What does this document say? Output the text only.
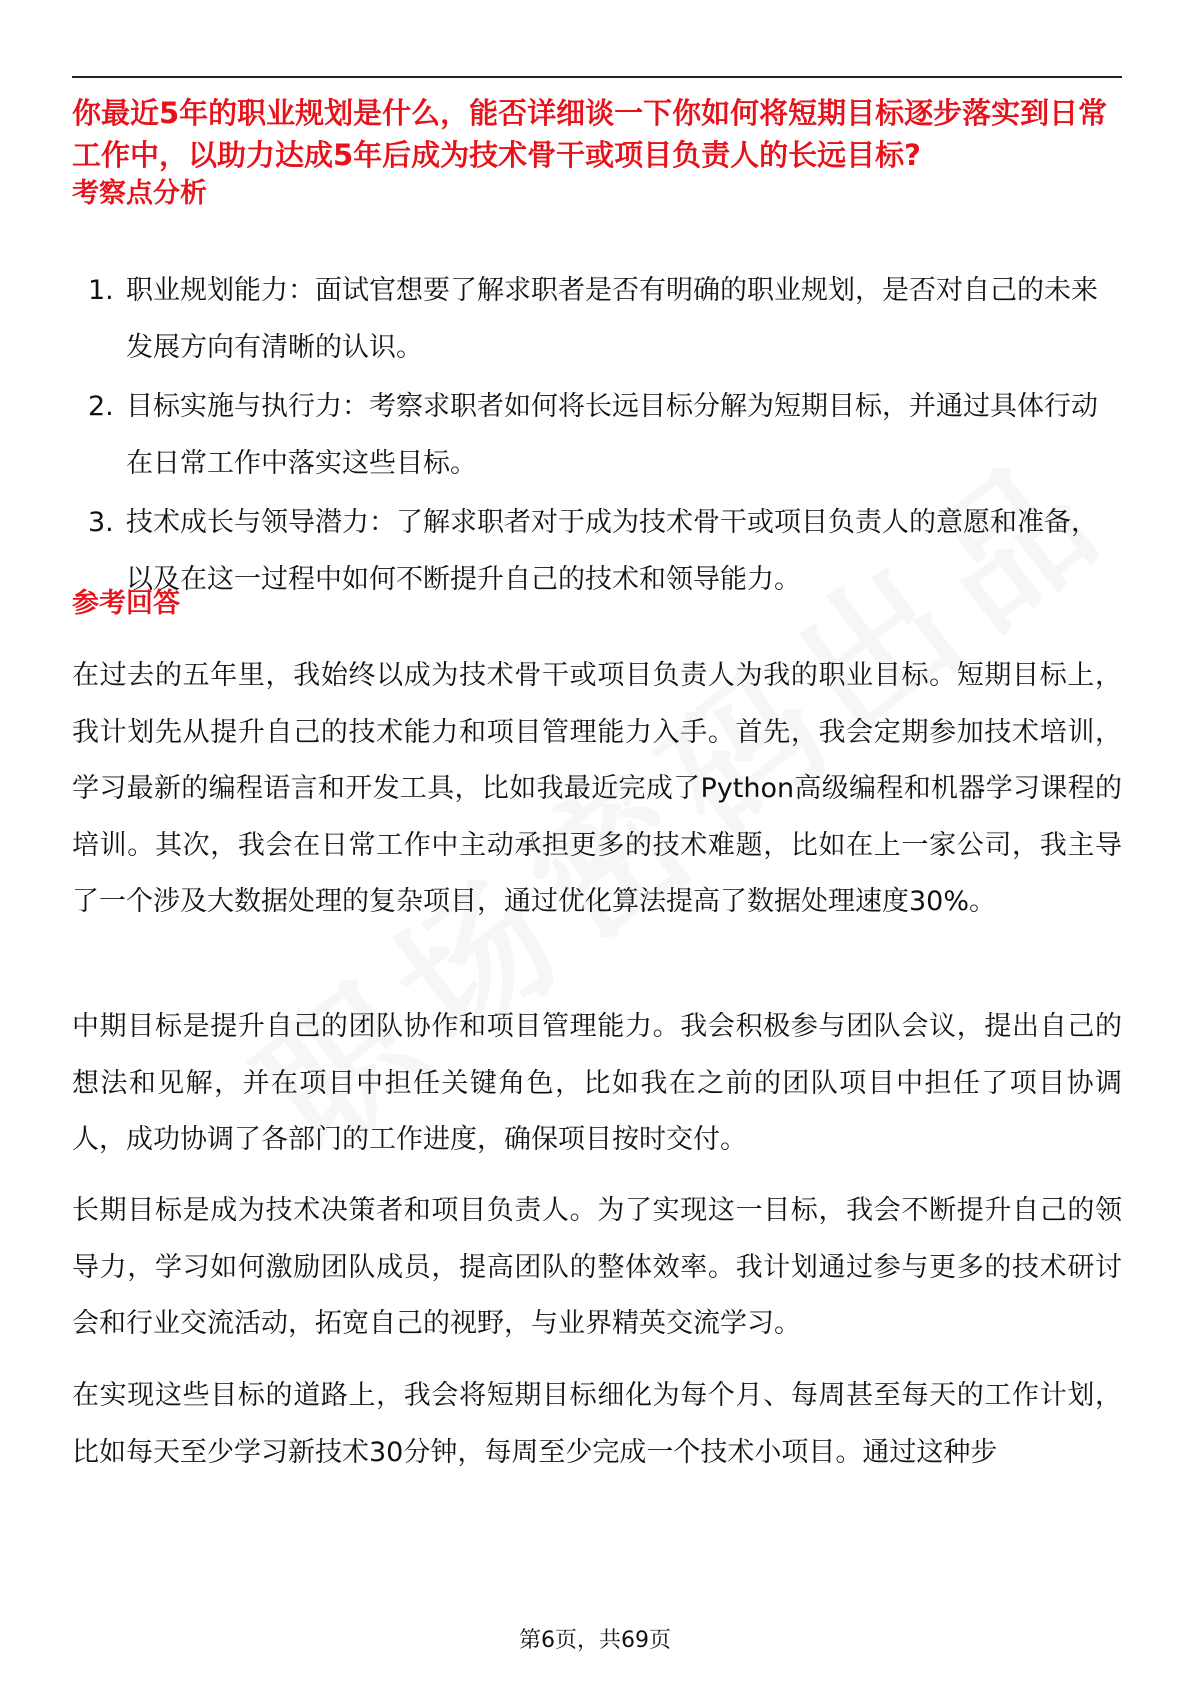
你最近5年的职业规划是什么，能否详细谈一下你如何将短期目标逐步落实到日常工作中，以助力达成5年后成为技术骨干或项目负责人的长远目标?

考察点分析
1. 职业规划能力：面试官想要了解求职者是否有明确的职业规划，是否对自己的未来发展方向有清晰的认识。
2. 目标实施与执行力：考察求职者如何将长远目标分解为短期目标，并通过具体行动在日常工作中落实这些目标。
3. 技术成长与领导潜力：了解求职者对于成为技术骨干或项目负责人的意愿和准备，以及在这一过程中如何不断提升自己的技术和领导能力。
参考回答

在过去的五年里，我始终以成为技术骨干或项目负责人为我的职业目标。短期目标上，我计划先从提升自己的技术能力和项目管理能力入手。首先，我会定期参加技术培训，学习最新的编程语言和开发工具，比如我最近完成了Python高级编程和机器学习课程的培训。其次，我会在日常工作中主动承担更多的技术难题，比如在上一家公司，我主导了一个涉及大数据处理的复杂项目，通过优化算法提高了数据处理速度30%。

中期目标是提升自己的团队协作和项目管理能力。我会积极参与团队会议，提出自己的想法和见解，并在项目中担任关键角色，比如我在之前的团队项目中担任了项目协调人，成功协调了各部门的工作进度，确保项目按时交付。

长期目标是成为技术决策者和项目负责人。为了实现这一目标，我会不断提升自己的领导力，学习如何激励团队成员，提高团队的整体效率。我计划通过参与更多的技术研讨会和行业交流活动，拓宽自己的视野，与业界精英交流学习。

在实现这些目标的道路上，我会将短期目标细化为每个月、每周甚至每天的工作计划，比如每天至少学习新技术30分钟，每周至少完成一个技术小项目。通过这种步

第6页，共69页
